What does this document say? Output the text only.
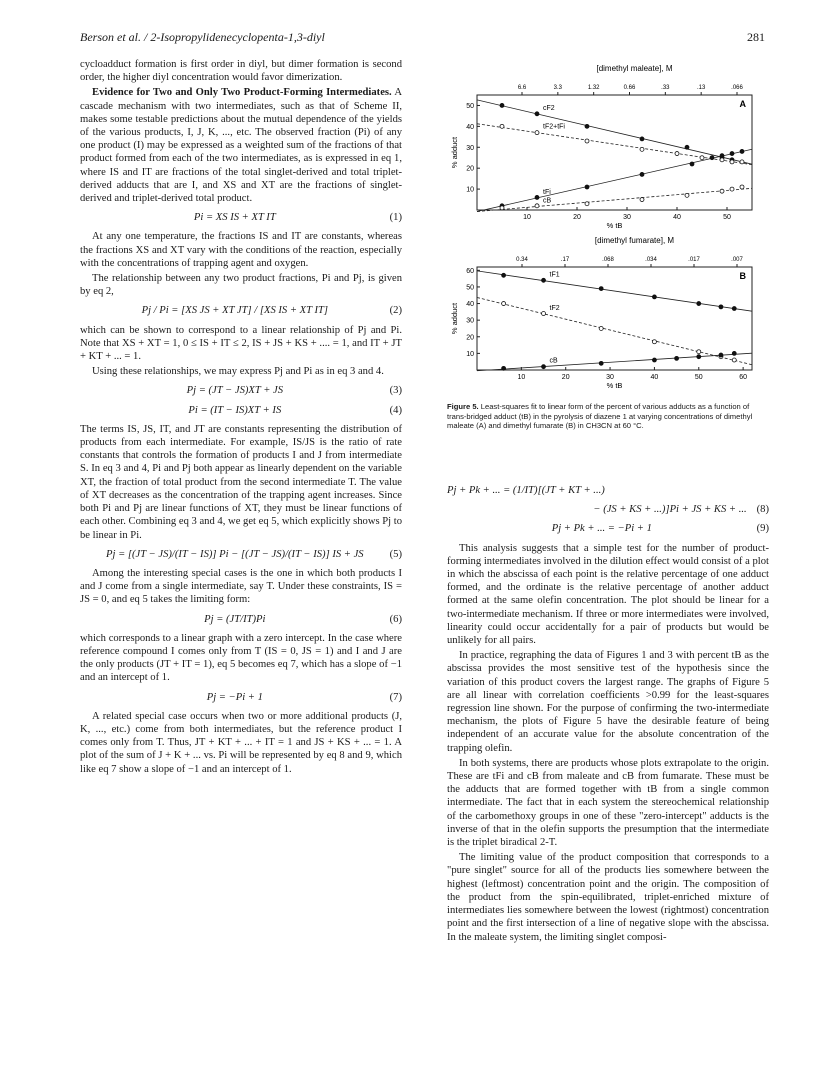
Berson et al. / 2-Isopropylidenecyclopenta-1,3-diyl	281

cycloadduct formation is first order in diyl, but dimer formation is second order, the higher diyl concentration would favor dimerization.

Evidence for Two and Only Two Product-Forming Intermediates. A cascade mechanism with two intermediates, such as that of Scheme II, makes some testable predictions about the mutual dependence of the yields of the various products, I, J, K, ..., etc. The observed fraction (Pi) of any one product (I) may be expressed as a weighted sum of the fractions of that product formed from each of the two intermediates, as is expressed in eq 1, where IS and IT are fractions of the total singlet-derived and total triplet-derived adducts that are I, and XS and XT are the fractions of singlet-derived and triplet-derived total product.

Pi = XS IS + XT IT	(1)

At any one temperature, the fractions IS and IT are constants, whereas the fractions XS and XT vary with the conditions of the reaction, especially with the concentrations of trapping agent and oxygen.

The relationship between any two product fractions, Pi and Pj, is given by eq 2,

Pj / Pi = [XS JS + XT JT] / [XS IS + XT IT]	(2)

which can be shown to correspond to a linear relationship of Pj and Pi. Note that XS + XT = 1, 0 ≤ IS + IT ≤ 2, IS + JS + KS + .... = 1, and IT + JT + KT + ... = 1.

Using these relationships, we may express Pj and Pi as in eq 3 and 4.

Pj = (JT − JS)XT + JS	(3)
Pi = (IT − IS)XT + IS	(4)

The terms IS, JS, IT, and JT are constants representing the distribution of products from each intermediate. For example, IS/JS is the ratio of rate constants that controls the formation of products I and J from intermediate S. In eq 3 and 4, Pi and Pj both appear as linearly dependent on the variable XT, the fraction of total product from the second intermediate T. The value of XT decreases as the concentration of the trapping agent increases. Since both Pi and Pj are linear functions of XT, they must be linear functions of each other. Combining eq 3 and 4, we get eq 5, which explicitly shows Pj to be linear in Pi.

Pj = [(JT − JS)/(IT − IS)] Pi − [(JT − JS)/(IT − IS)] IS + JS	(5)

Among the interesting special cases is the one in which both products I and J come from a single intermediate, say T. Under these constraints, IS = JS = 0, and eq 5 takes the limiting form:

Pj = (JT/IT)Pi	(6)

which corresponds to a linear graph with a zero intercept. In the case where reference compound I comes only from T (IS = 0, JS = 1) and I and J are the only products (JT + IT = 1), eq 5 becomes eq 7, which has a slope of −1 and an intercept of 1.

Pj = −Pi + 1	(7)

A related special case occurs when two or more additional products (J, K, ..., etc.) come from both intermediates, but the reference product I comes only from T. Thus, JT + KT + ... + IT = 1 and JS + KS + ... = 1. A plot of the sum of J + K + ... vs. Pi will be represented by eq 8 and 9, which like eq 7 show a slope of −1 and an intercept of 1.

[dimethyl maleate], M
6.6	3.3	1.32	0.66	.33	.13	.066
A
10	20	30	40	50
10
20
30
40
50
% tB
% adduct
cF2
tF2+tFi
tFi
cB
[dimethyl fumarate], M
0.34	.17	.068	.034	.017	.007
B
10	20	30	40	50	60
10
20
30
40
50
60
% tB
% adduct
tF1
tF2
cB
Figure 5. Least-squares fit to linear form of the percent of various adducts as a function of trans-bridged adduct (tB) in the pyrolysis of diazene 1 at varying concentrations of dimethyl maleate (A) and dimethyl fumarate (B) in CH3CN at 60 °C.
Pj + Pk + ... = (1/IT)[(JT + KT + ...)
− (JS + KS + ...)]Pi + JS + KS + ... (8)
Pj + Pk + ... = −Pi + 1	(9)

This analysis suggests that a simple test for the number of product-forming intermediates involved in the dilution effect would consist of a plot in which the abscissa of each point is the relative percentage of one adduct formed, and the ordinate is the relative percentage of another adduct formed at the same olefin concentration. The plot should be linear for a two-intermediate mechanism. If three or more intermediates were involved, linearity could occur accidentally for a pair of products but would be unlikely for all pairs.

In practice, regraphing the data of Figures 1 and 3 with percent tB as the abscissa provides the most sensitive test of the hypothesis since the variation of this product covers the largest range. The graphs of Figure 5 are all linear with correlation coefficients >0.99 for the least-squares regression line shown. For the purpose of confirming the two-intermediate mechanism, the plots of Figure 5 have the desirable feature of being independent of an accurate value for the absolute concentration of the trapping olefin.

In both systems, there are products whose plots extrapolate to the origin. These are tFi and cB from maleate and cB from fumarate. These must be the adducts that are formed together with tB from a single common intermediate. The fact that in each system the stereochemical relationship of the carbomethoxy groups in one of these "zero-intercept" adducts is the inverse of that in the olefin supports the presumption that the intermediate is the triplet biradical 2-T.

The limiting value of the product composition that corresponds to a "pure singlet" source for all of the products lies somewhere between the highest (leftmost) concentration point and the origin. The composition of the product from the spin-equilibrated, triplet-enriched mixture of intermediates lies somewhere between the lowest (rightmost) concentration point and the first intersection of a line of negative slope with the abscissa. In the maleate system, the limiting singlet composi-
